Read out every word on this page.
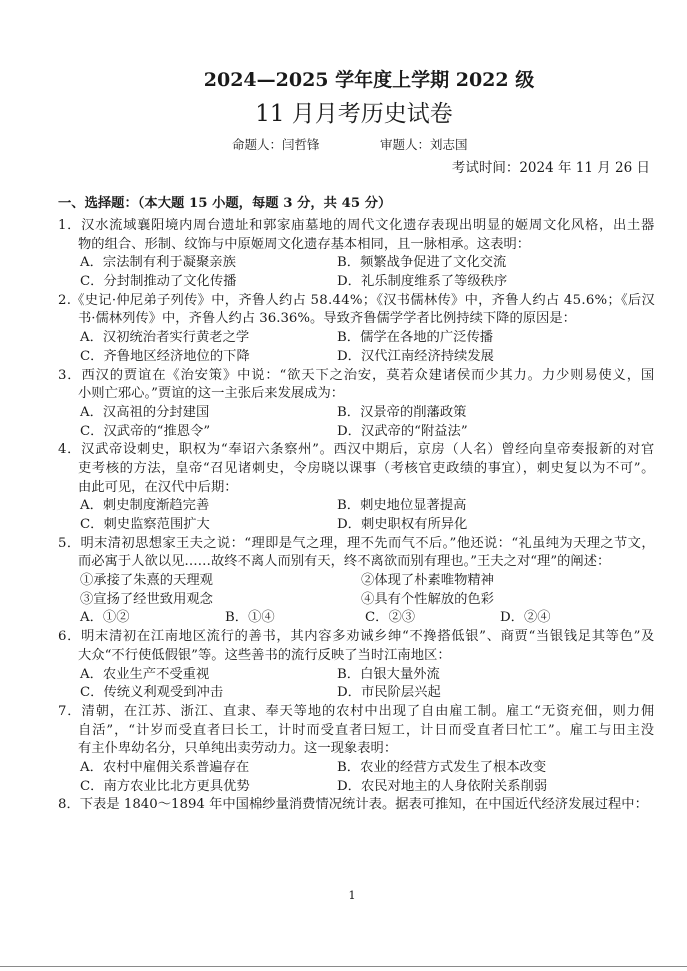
2024—2025 学年度上学期 2022 级
11 月月考历史试卷
命题人：闫哲锋	审题人：刘志国
考试时间：2024 年 11 月 26 日
一、选择题：（本大题 15 小题，每题 3 分，共 45 分）
1．汉水流域襄阳境内周台遗址和郭家庙墓地的周代文化遗存表现出明显的姬周文化风格，出土器
物的组合、形制、纹饰与中原姬周文化遗存基本相同，且一脉相承。这表明：
A．宗法制有利于凝聚亲族	B．频繁战争促进了文化交流
C．分封制推动了文化传播	D．礼乐制度维系了等级秩序
2.《史记·仲尼弟子列传》中，齐鲁人约占 58.44%；《汉书儒林传》中，齐鲁人约占 45.6%；《后汉
书·儒林列传》中，齐鲁人约占 36.36%。导致齐鲁儒学学者比例持续下降的原因是：
A．汉初统治者实行黄老之学	B．儒学在各地的广泛传播
C．齐鲁地区经济地位的下降	D．汉代江南经济持续发展
3．西汉的贾谊在《治安策》中说：“欲天下之治安，莫若众建诸侯而少其力。力少则易使义，国
小则亡邪心。”贾谊的这一主张后来发展成为：
A．汉高祖的分封建国	B．汉景帝的削藩政策
C．汉武帝的“推恩令”	D．汉武帝的“附益法”
4．汉武帝设刺史，职权为“奉诏六条察州”。西汉中期后，京房（人名）曾经向皇帝奏报新的对官
吏考核的方法，皇帝“召见诸刺史，令房晓以课事（考核官吏政绩的事宜），刺史复以为不可”。
由此可见，在汉代中后期：
A．刺史制度渐趋完善	B．刺史地位显著提高
C．刺史监察范围扩大	D．刺史职权有所异化
5．明末清初思想家王夫之说：“理即是气之理，理不先而气不后。”他还说：“礼虽纯为天理之节文，
而必寓于人欲以见……故终不离人而别有天，终不离欲而别有理也。”王夫之对“理”的阐述：
①承接了朱熹的天理观	②体现了朴素唯物精神
③宣扬了经世致用观念	④具有个性解放的色彩
A．①②	B．①④	C．②③	D．②④
6．明末清初在江南地区流行的善书，其内容多劝诫乡绅“不搀搭低银”、商贾“当银钱足其等色”及
大众“不行使低假银”等。这些善书的流行反映了当时江南地区：
A．农业生产不受重视	B．白银大量外流
C．传统义利观受到冲击	D．市民阶层兴起
7．清朝，在江苏、浙江、直隶、奉天等地的农村中出现了自由雇工制。雇工“无资充佃，则力佣
自活”，“计岁而受直者曰长工，计时而受直者曰短工，计日而受直者曰忙工”。雇工与田主没
有主仆卑幼名分，只单纯出卖劳动力。这一现象表明：
A．农村中雇佣关系普遍存在	B．农业的经营方式发生了根本改变
C．南方农业比北方更具优势	D．农民对地主的人身依附关系削弱
8．下表是 1840～1894 年中国棉纱量消费情况统计表。据表可推知，在中国近代经济发展过程中：
1
